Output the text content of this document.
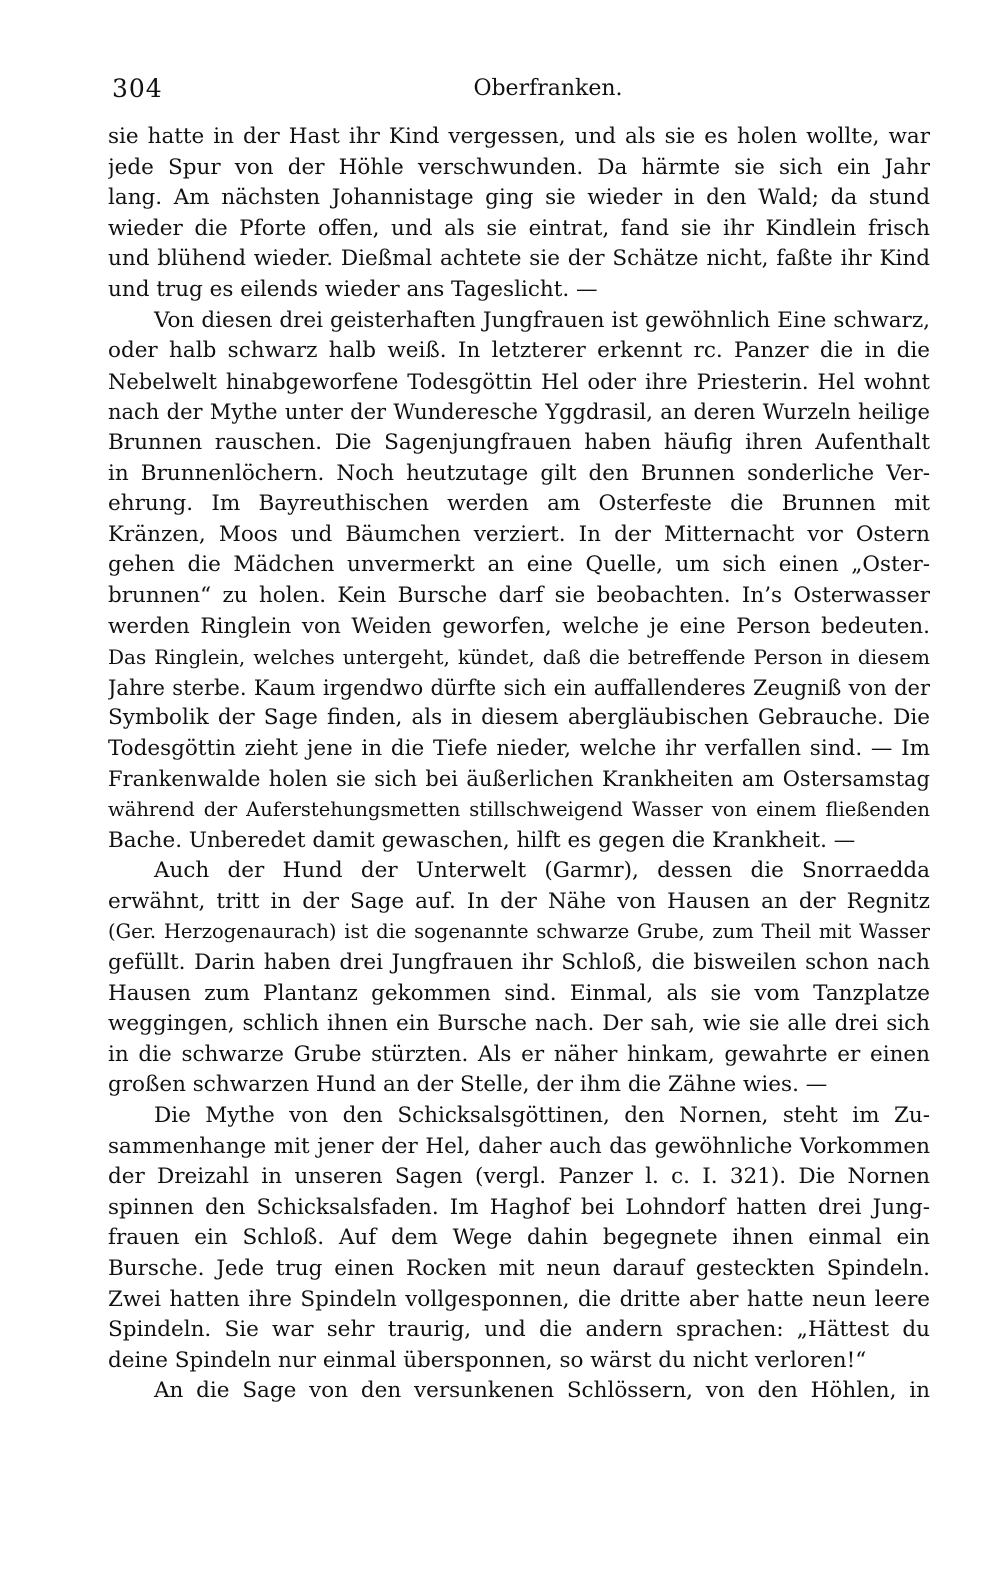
304	Oberfranken.
sie hatte in der Hast ihr Kind vergessen, und als sie es holen wollte, war
jede Spur von der Höhle verschwunden. Da härmte sie sich ein Jahr
lang. Am nächsten Johannistage ging sie wieder in den Wald; da stund
wieder die Pforte offen, und als sie eintrat, fand sie ihr Kindlein frisch
und blühend wieder. Dießmal achtete sie der Schätze nicht, faßte ihr Kind
und trug es eilends wieder ans Tageslicht. —
Von diesen drei geisterhaften Jungfrauen ist gewöhnlich Eine schwarz,
oder halb schwarz halb weiß. In letzterer erkennt rc. Panzer die in die
Nebelwelt hinabgeworfene Todesgöttin Hel oder ihre Priesterin. Hel wohnt
nach der Mythe unter der Wunderesche Yggdrasil, an deren Wurzeln heilige
Brunnen rauschen. Die Sagenjungfrauen haben häufig ihren Aufenthalt
in Brunnenlöchern. Noch heutzutage gilt den Brunnen sonderliche Ver-
ehrung. Im Bayreuthischen werden am Osterfeste die Brunnen mit
Kränzen, Moos und Bäumchen verziert. In der Mitternacht vor Ostern
gehen die Mädchen unvermerkt an eine Quelle, um sich einen „Oster-
brunnen“ zu holen. Kein Bursche darf sie beobachten. In’s Osterwasser
werden Ringlein von Weiden geworfen, welche je eine Person bedeuten.
Das Ringlein, welches untergeht, kündet, daß die betreffende Person in diesem
Jahre sterbe. Kaum irgendwo dürfte sich ein auffallenderes Zeugniß von der
Symbolik der Sage finden, als in diesem abergläubischen Gebrauche. Die
Todesgöttin zieht jene in die Tiefe nieder, welche ihr verfallen sind. — Im
Frankenwalde holen sie sich bei äußerlichen Krankheiten am Ostersamstag
während der Auferstehungsmetten stillschweigend Wasser von einem fließenden
Bache. Unberedet damit gewaschen, hilft es gegen die Krankheit. —
Auch der Hund der Unterwelt (Garmr), dessen die Snorraedda
erwähnt, tritt in der Sage auf. In der Nähe von Hausen an der Regnitz
(Ger. Herzogenaurach) ist die sogenannte schwarze Grube, zum Theil mit Wasser
gefüllt. Darin haben drei Jungfrauen ihr Schloß, die bisweilen schon nach
Hausen zum Plantanz gekommen sind. Einmal, als sie vom Tanzplatze
weggingen, schlich ihnen ein Bursche nach. Der sah, wie sie alle drei sich
in die schwarze Grube stürzten. Als er näher hinkam, gewahrte er einen
großen schwarzen Hund an der Stelle, der ihm die Zähne wies. —
Die Mythe von den Schicksalsgöttinen, den Nornen, steht im Zu-
sammenhange mit jener der Hel, daher auch das gewöhnliche Vorkommen
der Dreizahl in unseren Sagen (vergl. Panzer l. c. I. 321). Die Nornen
spinnen den Schicksalsfaden. Im Haghof bei Lohndorf hatten drei Jung-
frauen ein Schloß. Auf dem Wege dahin begegnete ihnen einmal ein
Bursche. Jede trug einen Rocken mit neun darauf gesteckten Spindeln.
Zwei hatten ihre Spindeln vollgesponnen, die dritte aber hatte neun leere
Spindeln. Sie war sehr traurig, und die andern sprachen: „Hättest du
deine Spindeln nur einmal übersponnen, so wärst du nicht verloren!“
An die Sage von den versunkenen Schlössern, von den Höhlen, in
